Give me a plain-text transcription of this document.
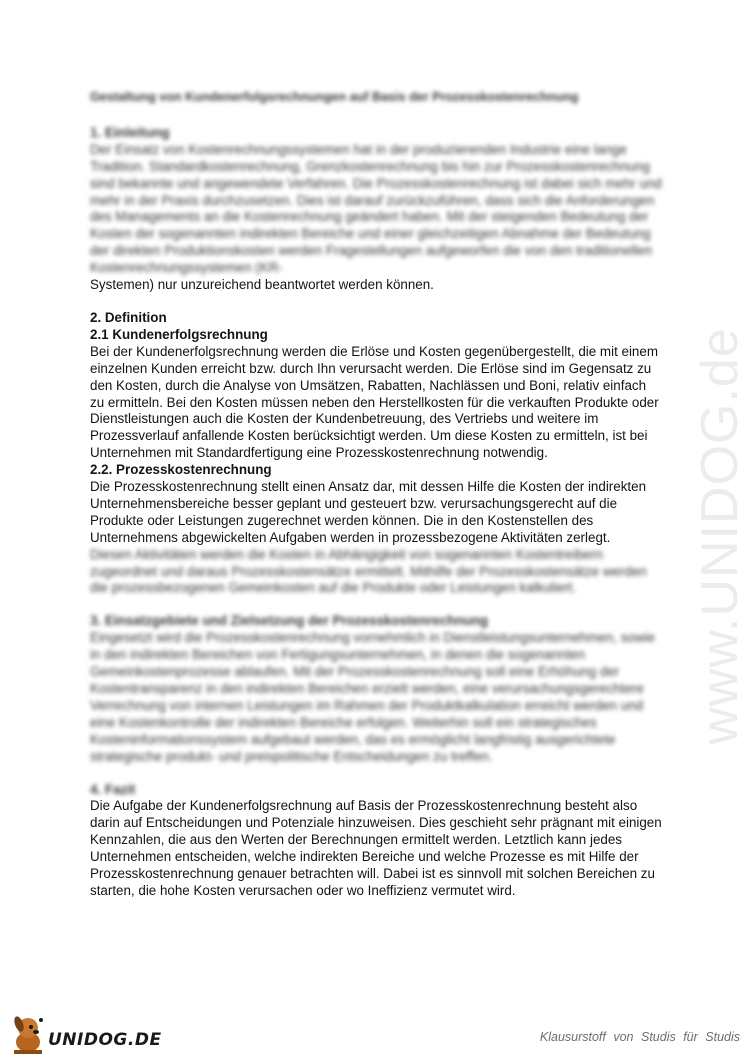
www.UNIDOG.de

Gestaltung von Kundenerfolgsrechnungen auf Basis der Prozesskostenrechnung

1. Einleitung

Der Einsatz von Kostenrechnungssystemen hat in der produzierenden Industrie eine lange Tradition. Standardkostenrechnung, Grenzkostenrechnung bis hin zur Prozesskostenrechnung sind bekannte und angewendete Verfahren. Die Prozesskostenrechnung ist dabei sich mehr und mehr in der Praxis durchzusetzen. Dies ist darauf zurückzuführen, dass sich die Anforderungen des Managements an die Kostenrechnung geändert haben. Mit der steigenden Bedeutung der Kosten der sogenannten indirekten Bereiche und einer gleichzeitigen Abnahme der Bedeutung der direkten Produktionskosten werden Fragestellungen aufgeworfen die von den traditionellen Kostenrechnungssystemen (KR-

Systemen) nur unzureichend beantwortet werden können.

2. Definition

2.1 Kundenerfolgsrechnung

Bei der Kundenerfolgsrechnung werden die Erlöse und Kosten gegenübergestellt, die mit einem einzelnen Kunden erreicht bzw. durch Ihn verursacht werden. Die Erlöse sind im Gegensatz zu den Kosten, durch die Analyse von Umsätzen, Rabatten, Nachlässen und Boni, relativ einfach zu ermitteln. Bei den Kosten müssen neben den Herstellkosten für die verkauften Produkte oder Dienstleistungen auch die Kosten der Kundenbetreuung, des Vertriebs und weitere im Prozessverlauf anfallende Kosten berücksichtigt werden. Um diese Kosten zu ermitteln, ist bei Unternehmen mit Standardfertigung eine Prozesskostenrechnung notwendig.

2.2. Prozesskostenrechnung

Die Prozesskostenrechnung stellt einen Ansatz dar, mit dessen Hilfe die Kosten der indirekten Unternehmensbereiche besser geplant und gesteuert bzw. verursachungsgerecht auf die Produkte oder Leistungen zugerechnet werden können. Die in den Kostenstellen des Unternehmens abgewickelten Aufgaben werden in prozessbezogene Aktivitäten zerlegt.

Diesen Aktivitäten werden die Kosten in Abhängigkeit von sogenannten Kostentreibern zugeordnet und daraus Prozesskostensätze ermittelt. Mithilfe der Prozesskostensätze werden die prozessbezogenen Gemeinkosten auf die Produkte oder Leistungen kalkuliert.

3. Einsatzgebiete und Zielsetzung der Prozesskostenrechnung

Eingesetzt wird die Prozesskostenrechnung vornehmlich in Dienstleistungsunternehmen, sowie in den indirekten Bereichen von Fertigungsunternehmen, in denen die sogenannten Gemeinkostenprozesse ablaufen. Mit der Prozesskostenrechnung soll eine Erhöhung der Kostentransparenz in den indirekten Bereichen erzielt werden, eine verursachungsgerechtere Verrechnung von internen Leistungen im Rahmen der Produktkalkulation erreicht werden und eine Kostenkontrolle der indirekten Bereiche erfolgen. Weiterhin soll ein strategisches Kosteninformationssystem aufgebaut werden, das es ermöglicht langfristig ausgerichtete strategische produkt- und preispolitische Entscheidungen zu treffen.

4. Fazit

Die Aufgabe der Kundenerfolgsrechnung auf Basis der Prozesskostenrechnung besteht also darin auf Entscheidungen und Potenziale hinzuweisen. Dies geschieht sehr prägnant mit einigen Kennzahlen, die aus den Werten der Berechnungen ermittelt werden. Letztlich kann jedes Unternehmen entscheiden, welche indirekten Bereiche und welche Prozesse es mit Hilfe der Prozesskostenrechnung genauer betrachten will. Dabei ist es sinnvoll mit solchen Bereichen zu starten, die hohe Kosten verursachen oder wo Ineffizienz vermutet wird.

UNIDOG.DE	Klausurstoff von Studis für Studis
